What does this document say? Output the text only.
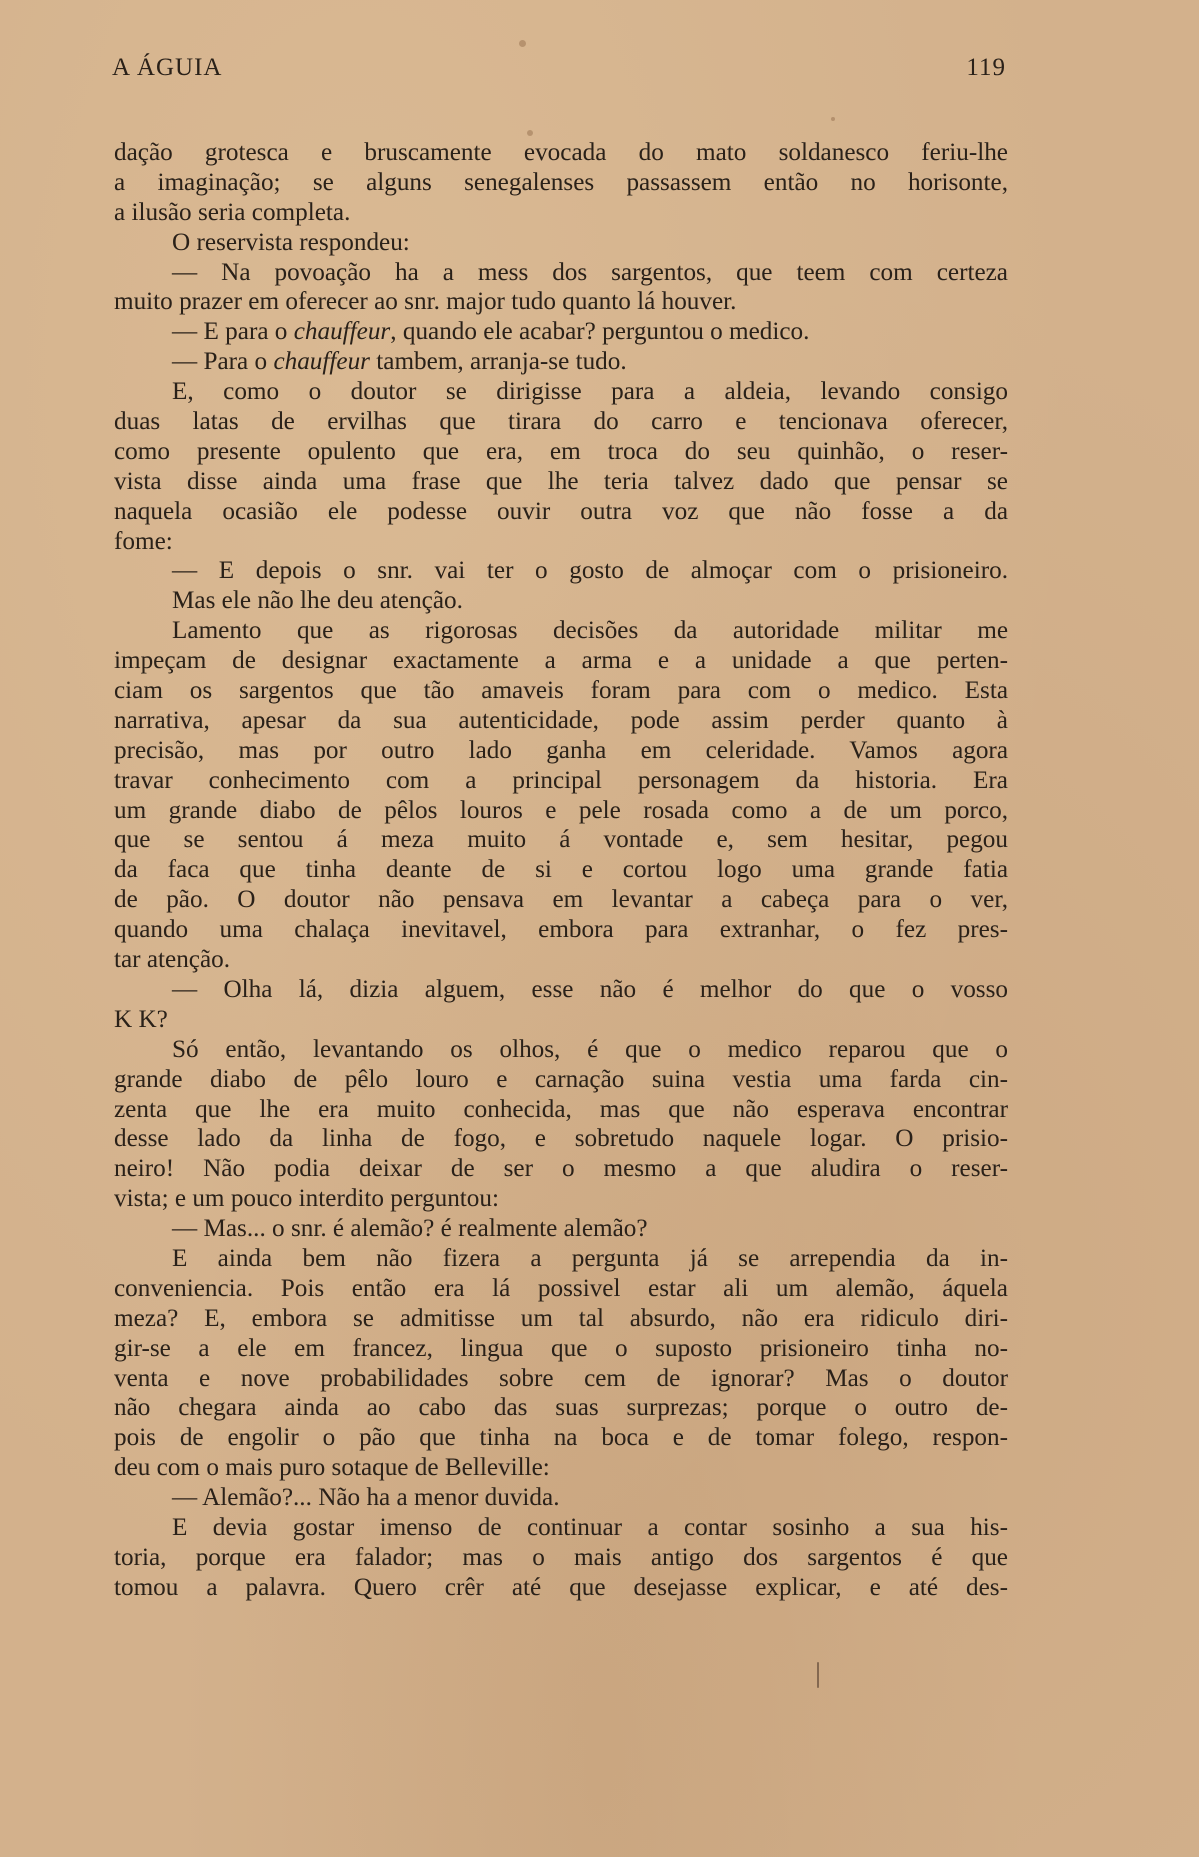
A ÁGUIA	119
dação grotesca e bruscamente evocada do mato soldanesco feriu-lhe
a imaginação; se alguns senegalenses passassem então no horisonte,
a ilusão seria completa.
O reservista respondeu:
— Na povoação ha a mess dos sargentos, que teem com certeza
muito prazer em oferecer ao snr. major tudo quanto lá houver.
— E para o chauffeur, quando ele acabar? perguntou o medico.
— Para o chauffeur tambem, arranja-se tudo.
E, como o doutor se dirigisse para a aldeia, levando consigo
duas latas de ervilhas que tirara do carro e tencionava oferecer,
como presente opulento que era, em troca do seu quinhão, o reser-
vista disse ainda uma frase que lhe teria talvez dado que pensar se
naquela ocasião ele podesse ouvir outra voz que não fosse a da
fome:
— E depois o snr. vai ter o gosto de almoçar com o prisioneiro.
Mas ele não lhe deu atenção.
Lamento que as rigorosas decisões da autoridade militar me
impeçam de designar exactamente a arma e a unidade a que perten-
ciam os sargentos que tão amaveis foram para com o medico. Esta
narrativa, apesar da sua autenticidade, pode assim perder quanto à
precisão, mas por outro lado ganha em celeridade. Vamos agora
travar conhecimento com a principal personagem da historia. Era
um grande diabo de pêlos louros e pele rosada como a de um porco,
que se sentou á meza muito á vontade e, sem hesitar, pegou
da faca que tinha deante de si e cortou logo uma grande fatia
de pão. O doutor não pensava em levantar a cabeça para o ver,
quando uma chalaça inevitavel, embora para extranhar, o fez pres-
tar atenção.
— Olha lá, dizia alguem, esse não é melhor do que o vosso
K K?
Só então, levantando os olhos, é que o medico reparou que o
grande diabo de pêlo louro e carnação suina vestia uma farda cin-
zenta que lhe era muito conhecida, mas que não esperava encontrar
desse lado da linha de fogo, e sobretudo naquele logar. O prisio-
neiro! Não podia deixar de ser o mesmo a que aludira o reser-
vista; e um pouco interdito perguntou:
— Mas... o snr. é alemão? é realmente alemão?
E ainda bem não fizera a pergunta já se arrependia da in-
conveniencia. Pois então era lá possivel estar ali um alemão, áquela
meza? E, embora se admitisse um tal absurdo, não era ridiculo diri-
gir-se a ele em francez, lingua que o suposto prisioneiro tinha no-
venta e nove probabilidades sobre cem de ignorar? Mas o doutor
não chegara ainda ao cabo das suas surprezas; porque o outro de-
pois de engolir o pão que tinha na boca e de tomar folego, respon-
deu com o mais puro sotaque de Belleville:
— Alemão?... Não ha a menor duvida.
E devia gostar imenso de continuar a contar sosinho a sua his-
toria, porque era falador; mas o mais antigo dos sargentos é que
tomou a palavra. Quero crêr até que desejasse explicar, e até des-
